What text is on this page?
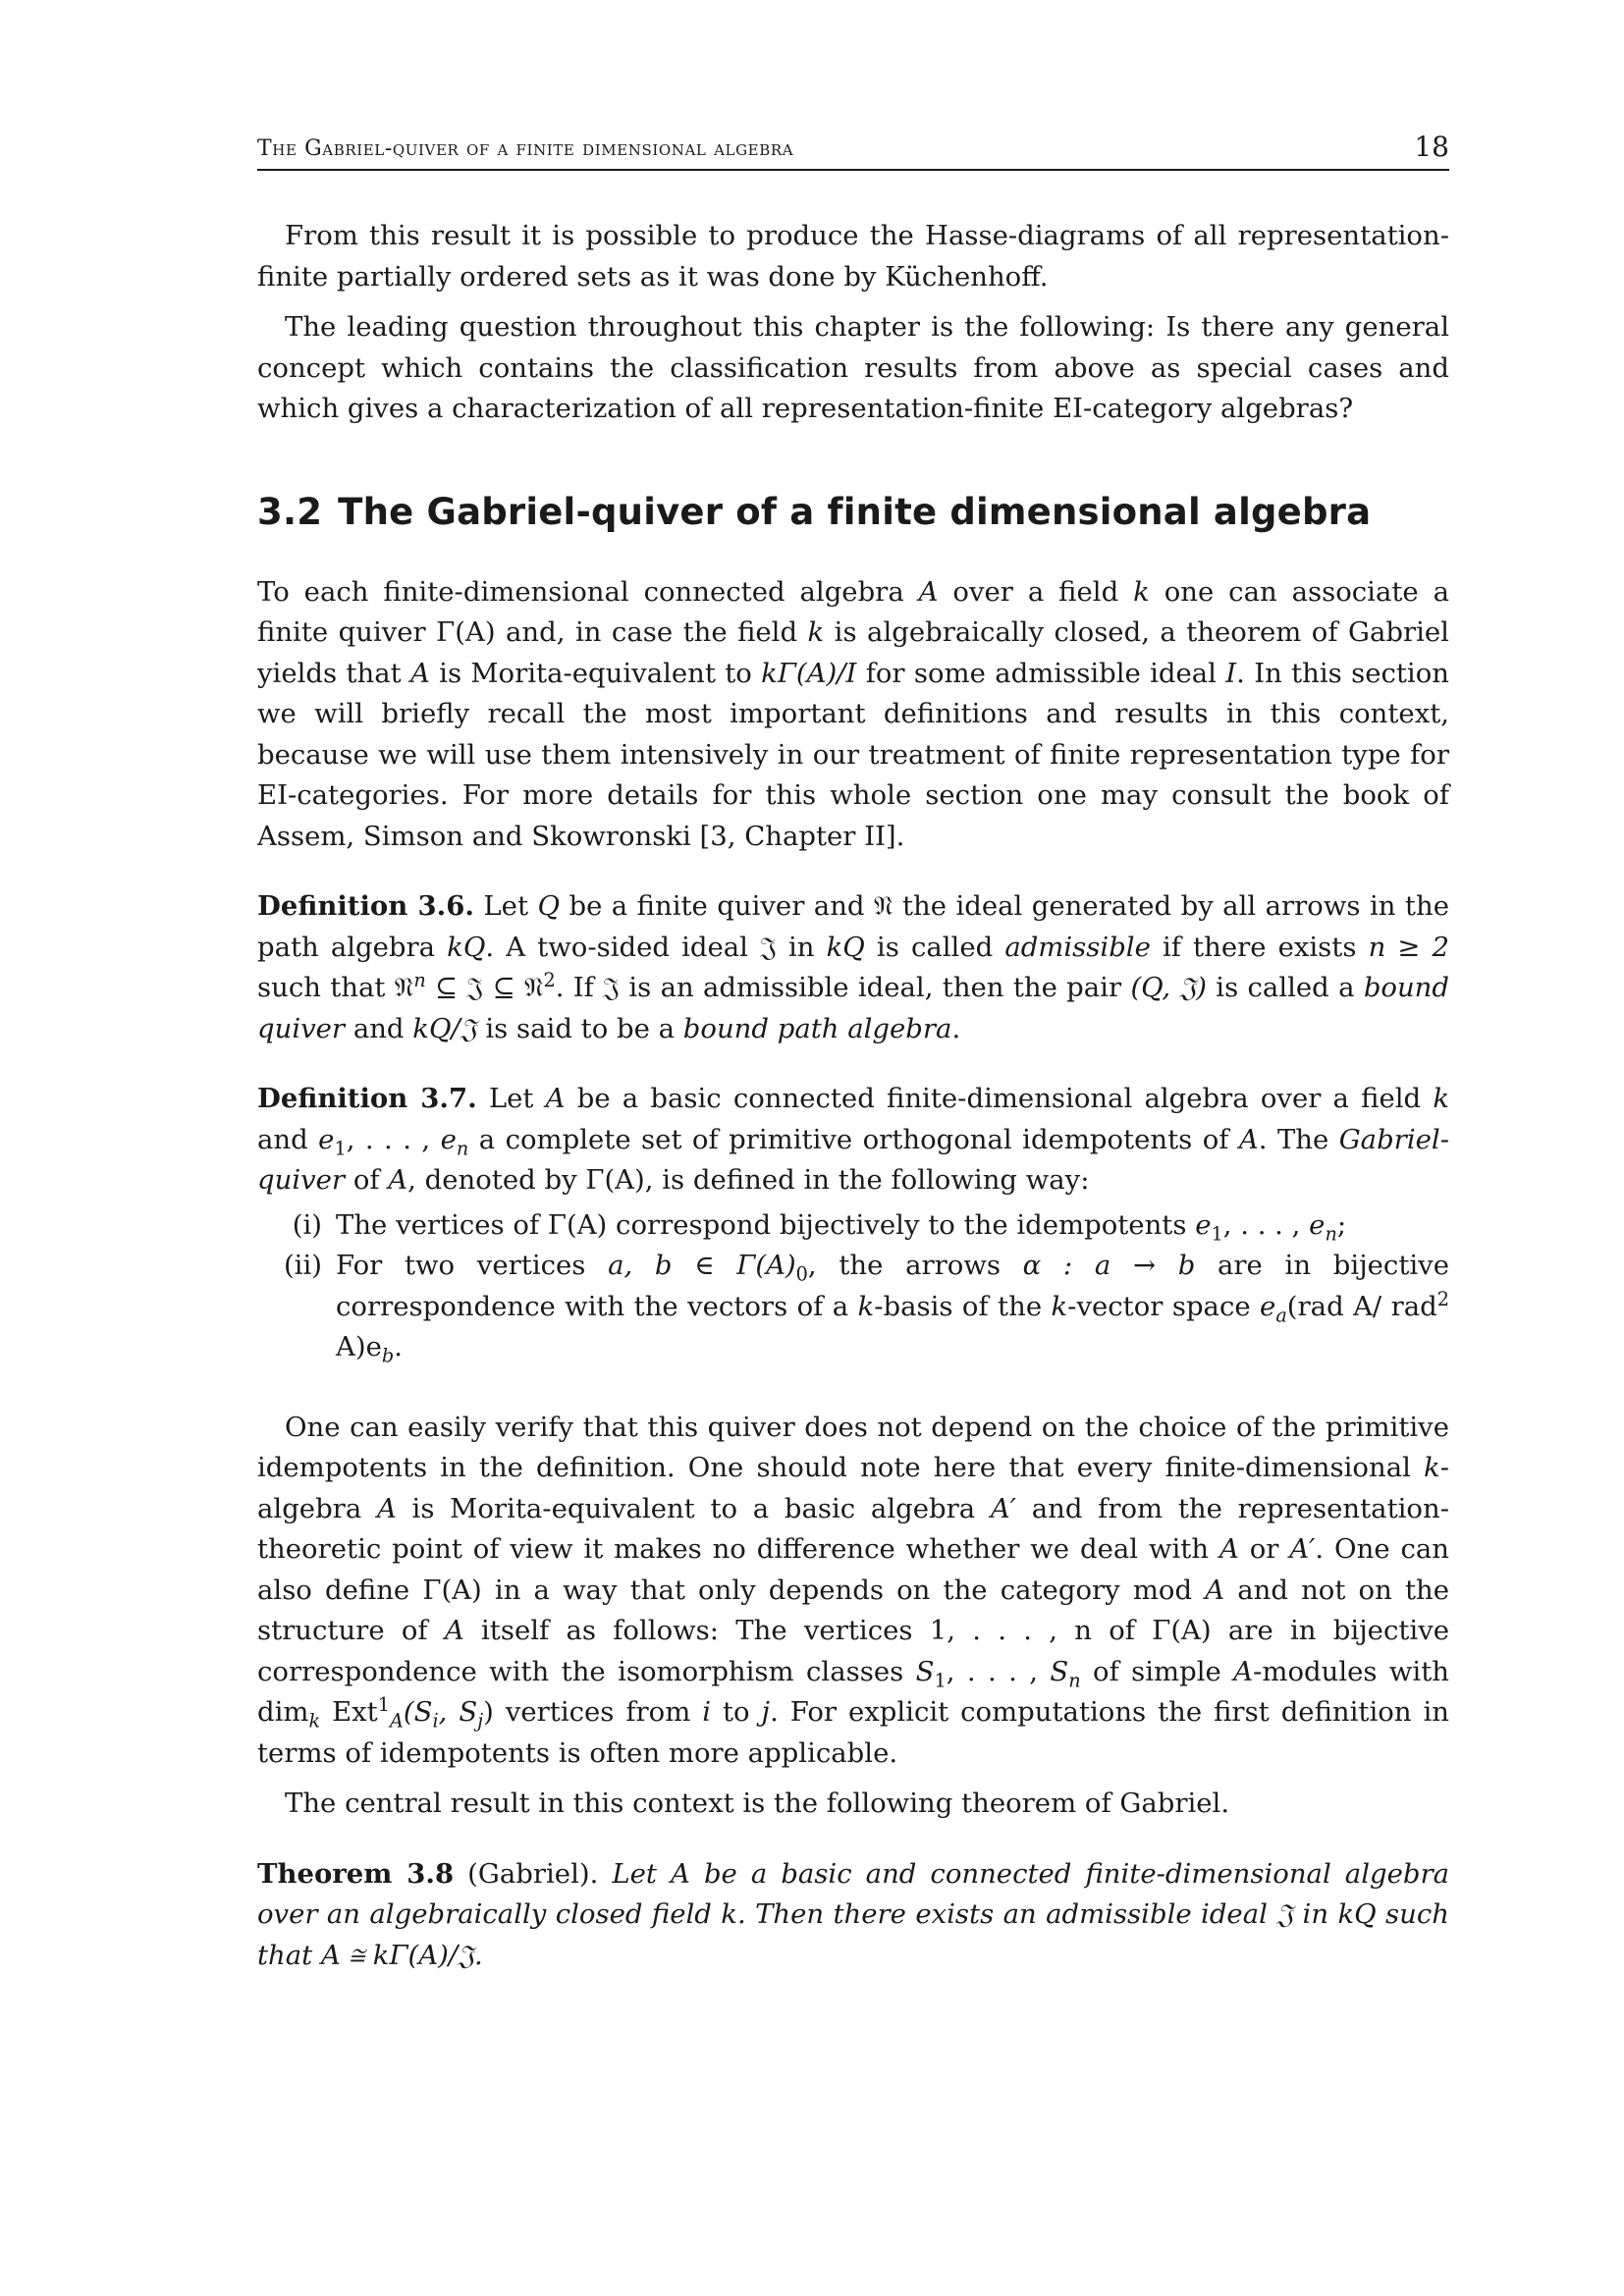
The Gabriel-quiver of a finite dimensional algebra	18

From this result it is possible to produce the Hasse-diagrams of all representation-finite partially ordered sets as it was done by Küchenhoff.

The leading question throughout this chapter is the following: Is there any general concept which contains the classification results from above as special cases and which gives a characterization of all representation-finite EI-category algebras?

3.2 The Gabriel-quiver of a finite dimensional algebra

To each finite-dimensional connected algebra A over a field k one can associate a finite quiver Γ(A) and, in case the field k is algebraically closed, a theorem of Gabriel yields that A is Morita-equivalent to kΓ(A)/I for some admissible ideal I. In this section we will briefly recall the most important definitions and results in this context, because we will use them intensively in our treatment of finite representation type for EI-categories. For more details for this whole section one may consult the book of Assem, Simson and Skowronski [3, Chapter II].

Definition 3.6. Let Q be a finite quiver and 𝔑 the ideal generated by all arrows in the path algebra kQ. A two-sided ideal 𝔍 in kQ is called admissible if there exists n ≥ 2 such that 𝔑$^n$ ⊆ 𝔍 ⊆ 𝔑$^2$. If 𝔍 is an admissible ideal, then the pair (Q, 𝔍) is called a bound quiver and kQ/𝔍 is said to be a bound path algebra.

Definition 3.7. Let A be a basic connected finite-dimensional algebra over a field k and $e_1$, . . . , $e_n$ a complete set of primitive orthogonal idempotents of A. The Gabriel-quiver of A, denoted by Γ(A), is defined in the following way:

(i) The vertices of Γ(A) correspond bijectively to the idempotents $e_1$, . . . , $e_n$;
(ii) For two vertices a, b ∈ $\Gamma(A)_0$, the arrows α : a → b are in bijective correspondence with the vectors of a k-basis of the k-vector space $e_a(rad$ A/ rad$^2$ $A)e_b$.

One can easily verify that this quiver does not depend on the choice of the primitive idempotents in the definition. One should note here that every finite-dimensional k-algebra A is Morita-equivalent to a basic algebra A′ and from the representation-theoretic point of view it makes no difference whether we deal with A or A′. One can also define Γ(A) in a way that only depends on the category mod A and not on the structure of A itself as follows: The vertices 1, . . . , n of Γ(A) are in bijective correspondence with the isomorphism classes $S_1$, . . . , $S_n$ of simple A-modules with dim$_k$ $Ext^1_A(S_i$, $S_j$) vertices from i to j. For explicit computations the first definition in terms of idempotents is often more applicable.

The central result in this context is the following theorem of Gabriel.

Theorem 3.8 (Gabriel). Let A be a basic and connected finite-dimensional algebra over an algebraically closed field k. Then there exists an admissible ideal 𝔍 in kQ such that A ≅ kΓ(A)/𝔍.
